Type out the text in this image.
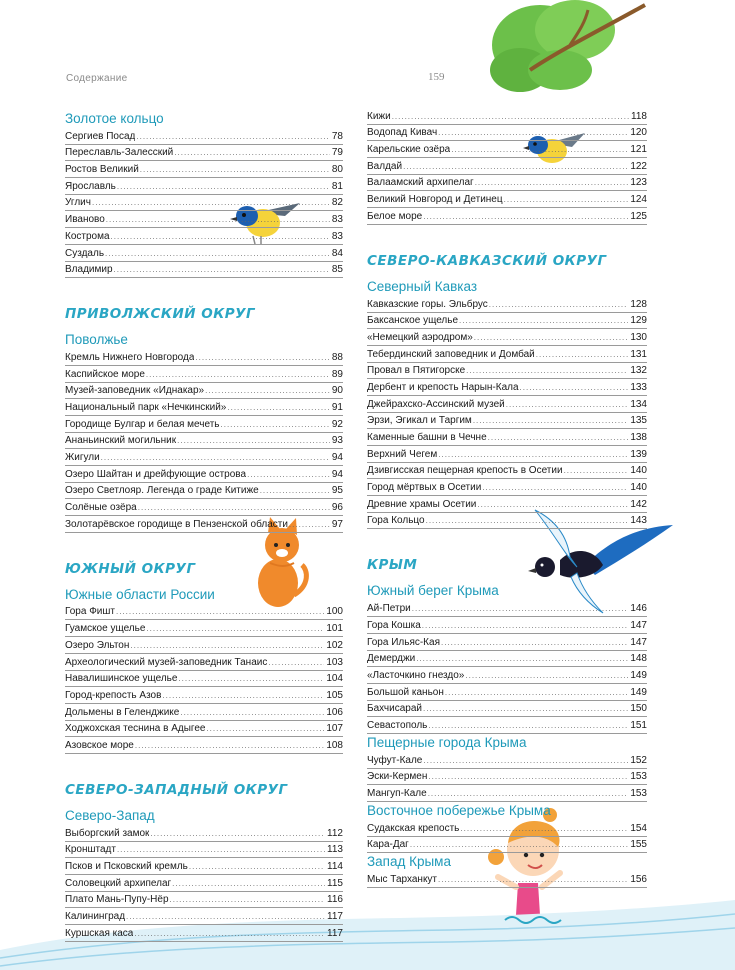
Содержание	159
Золотое кольцо
Сергиев Посад .....	78
Переславль-Залесский .....	79
Ростов Великий .....	80
Ярославль .....	81
Углич .....	82
Иваново .....	83
Кострома .....	83
Суздаль .....	84
Владимир .....	85
ПРИВОЛЖСКИЙ ОКРУГ
Поволжье
Кремль Нижнего Новгорода .....	88
Каспийское море .....	89
Музей-заповедник «Иднакар» .....	90
Национальный парк «Нечкинский» .....	91
Городище Булгар и белая мечеть .....	92
Ананьинский могильник .....	93
Жигули .....	94
Озеро Шайтан и дрейфующие острова .....	94
Озеро Светлояр. Легенда о граде Китиже .....	95
Солёные озёра .....	96
Золотарёвское городище в Пензенской области .....	97
ЮЖНЫЙ ОКРУГ
Южные области России
Гора Фишт .....	100
Гуамское ущелье .....	101
Озеро Эльтон .....	102
Археологический музей-заповедник Танаис .....	103
Навалишинское ущелье .....	104
Город-крепость Азов .....	105
Дольмены в Геленджике .....	106
Ходжохская теснина в Адыгее .....	107
Азовское море .....	108
СЕВЕРО-ЗАПАДНЫЙ ОКРУГ
Северо-Запад
Выборгский замок .....	112
Кронштадт .....	113
Псков и Псковский кремль .....	114
Соловецкий архипелаг .....	115
Плато Мань-Пупу-Нёр .....	116
Калининград .....	117
Куршская каса .....	117
Кижи .....	118
Водопад Кивач .....	120
Карельские озёра .....	121
Валдай .....	122
Валаамский архипелаг .....	123
Великий Новгород и Детинец .....	124
Белое море .....	125
СЕВЕРО-КАВКАЗСКИЙ ОКРУГ
Северный Кавказ
Кавказские горы. Эльбрус .....	128
Баксанское ущелье .....	129
«Немецкий аэродром» .....	130
Тебердинский заповедник и Домбай .....	131
Провал в Пятигорске .....	132
Дербент и крепость Нарын-Кала .....	133
Джейрахско-Ассинский музей .....	134
Эрзи, Эгикал и Таргим .....	135
Каменные башни в Чечне .....	138
Верхний Чегем .....	139
Дзивгисская пещерная крепость в Осетии .....	140
Город мёртвых в Осетии .....	140
Древние храмы Осетии .....	142
Гора Кольцо .....	143
КРЫМ
Южный берег Крыма
Ай-Петри .....	146
Гора Кошка .....	147
Гора Ильяс-Кая .....	147
Демерджи .....	148
«Ласточкино гнездо» .....	149
Большой каньон .....	149
Бахчисарай .....	150
Севастополь .....	151
Пещерные города Крыма
Чуфут-Кале .....	152
Эски-Кермен .....	153
Мангуп-Кале .....	153
Восточное побережье Крыма
Судакская крепость .....	154
Кара-Даг .....	155
Запад Крыма
Мыс Тарханкут .....	156
